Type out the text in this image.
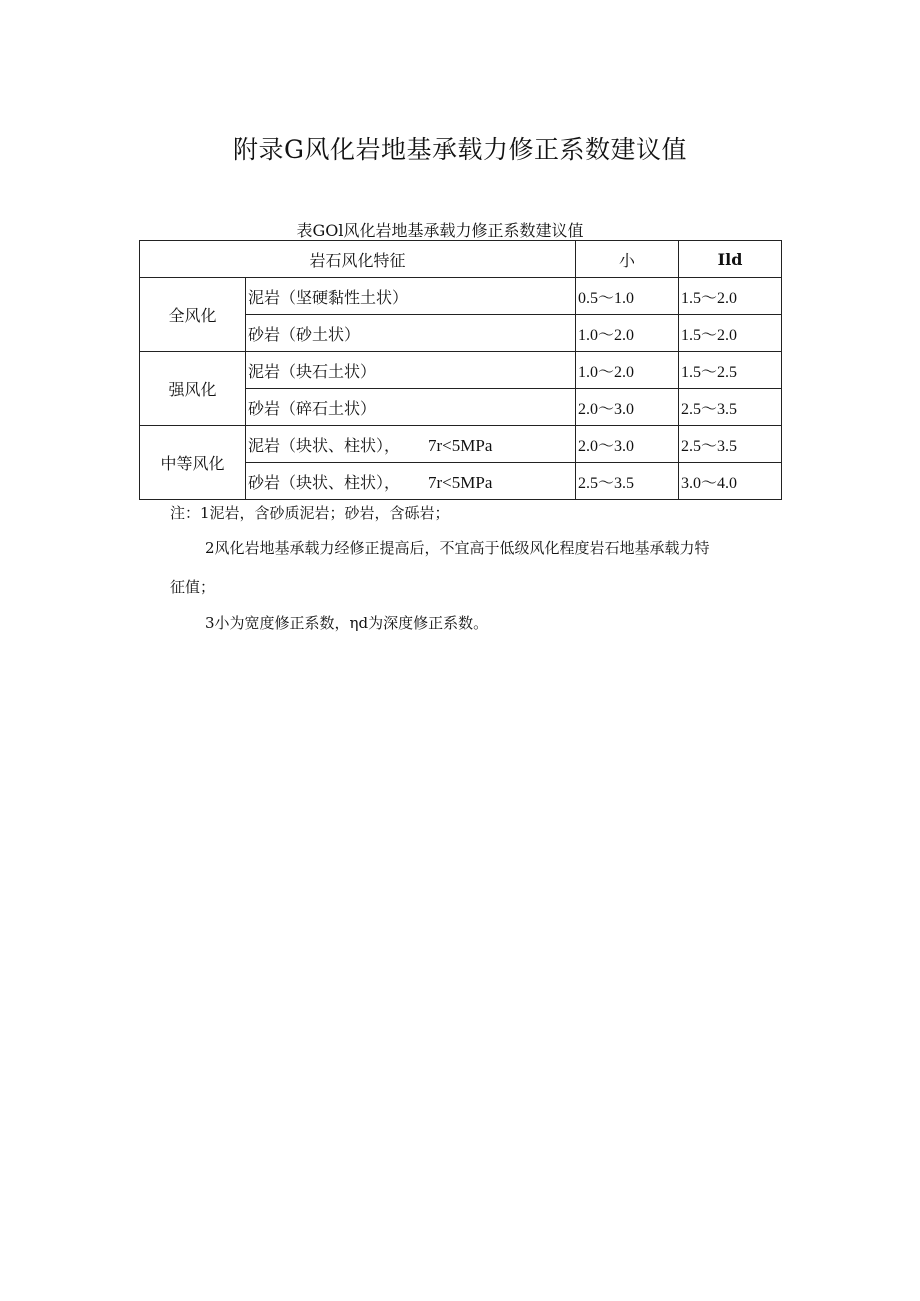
附录G风化岩地基承载力修正系数建议值
表GOl风化岩地基承载力修正系数建议值
岩石风化特征		小	Ild
全风化	泥岩（坚硬黏性土状）	0.5～1.0	1.5～2.0
	砂岩（砂土状）	1.0～2.0	1.5～2.0
强风化	泥岩（块石土状）	1.0～2.0	1.5～2.5
	砂岩（碎石土状）	2.0～3.0	2.5～3.5
中等风化	泥岩（块状、柱状）， 7r<5MPa	2.0～3.0	2.5～3.5
	砂岩（块状、柱状）， 7r<5MPa	2.5～3.5	3.0～4.0
注：1泥岩，含砂质泥岩；砂岩，含砾岩；
2风化岩地基承载力经修正提高后，不宜高于低级风化程度岩石地基承载力特
征值；
3小为宽度修正系数，ηd为深度修正系数。
